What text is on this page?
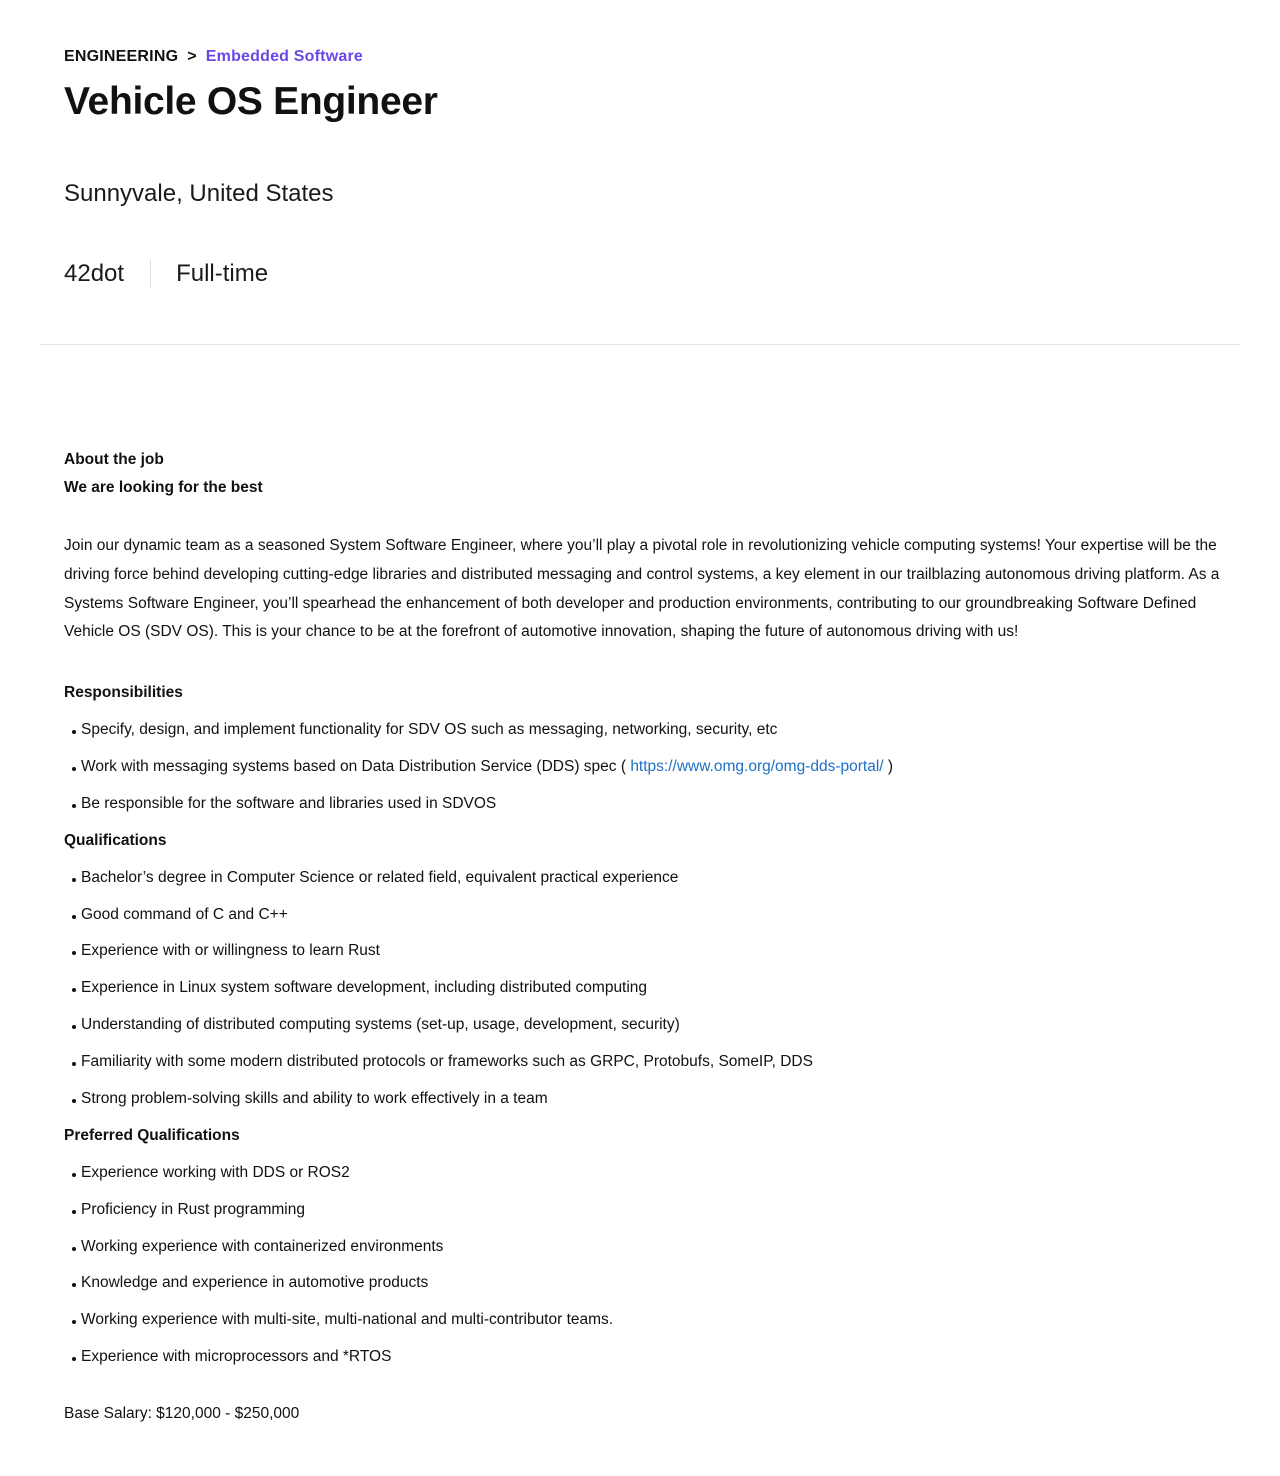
ENGINEERING > Embedded Software
Vehicle OS Engineer
Sunnyvale, United States
42dot Full-time

About the job

We are looking for the best

Join our dynamic team as a seasoned System Software Engineer, where you’ll play a pivotal role in revolutionizing vehicle computing systems! Your expertise will be the driving force behind developing cutting-edge libraries and distributed messaging and control systems, a key element in our trailblazing autonomous driving platform. As a Systems Software Engineer, you’ll spearhead the enhancement of both developer and production environments, contributing to our groundbreaking Software Defined Vehicle OS (SDV OS). This is your chance to be at the forefront of automotive innovation, shaping the future of autonomous driving with us!

Responsibilities
Specify, design, and implement functionality for SDV OS such as messaging, networking, security, etc
Work with messaging systems based on Data Distribution Service (DDS) spec ( https://www.omg.org/omg-dds-portal/ )
Be responsible for the software and libraries used in SDVOS
Qualifications
Bachelor’s degree in Computer Science or related field, equivalent practical experience
Good command of C and C++
Experience with or willingness to learn Rust
Experience in Linux system software development, including distributed computing
Understanding of distributed computing systems (set-up, usage, development, security)
Familiarity with some modern distributed protocols or frameworks such as GRPC, Protobufs, SomeIP, DDS
Strong problem-solving skills and ability to work effectively in a team
Preferred Qualifications
Experience working with DDS or ROS2
Proficiency in Rust programming
Working experience with containerized environments
Knowledge and experience in automotive products
Working experience with multi-site, multi-national and multi-contributor teams.
Experience with microprocessors and *RTOS
Base Salary: $120,000 - $250,000
